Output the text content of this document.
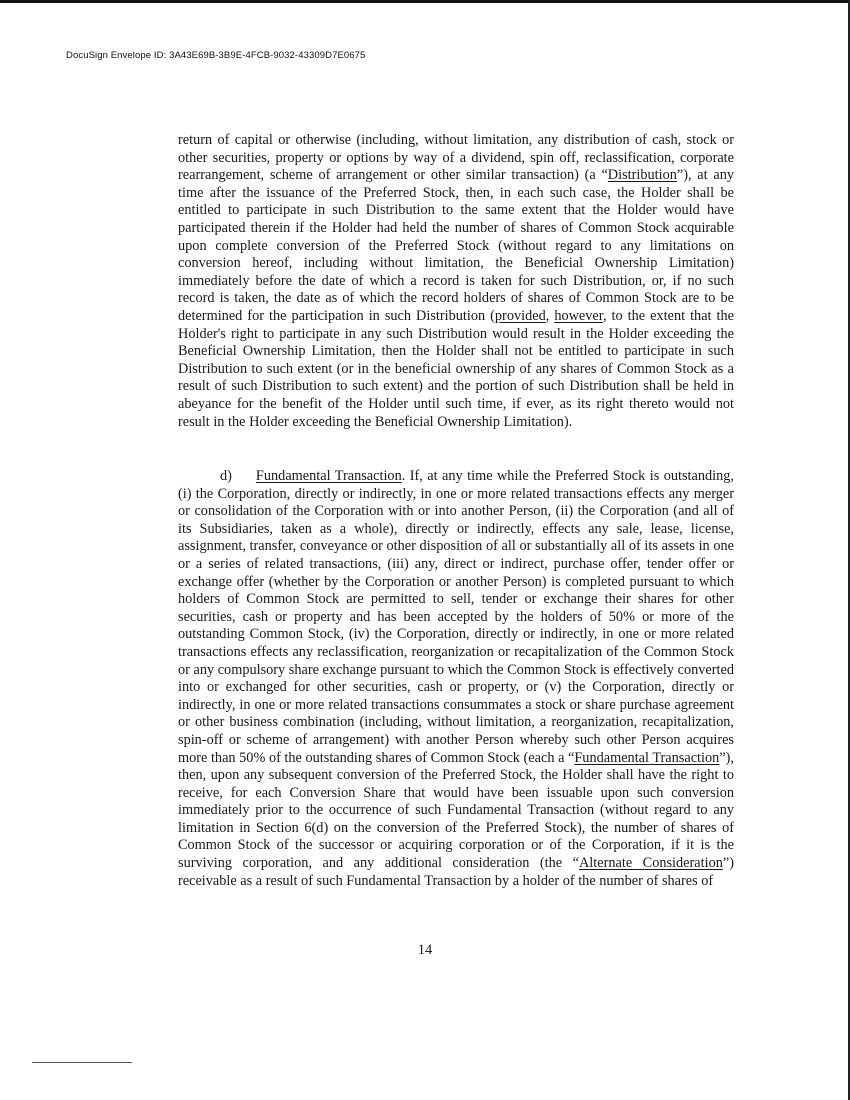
DocuSign Envelope ID: 3A43E69B-3B9E-4FCB-9032-43309D7E0675
return of capital or otherwise (including, without limitation, any distribution of cash, stock or other securities, property or options by way of a dividend, spin off, reclassification, corporate rearrangement, scheme of arrangement or other similar transaction) (a “Distribution”), at any time after the issuance of the Preferred Stock, then, in each such case, the Holder shall be entitled to participate in such Distribution to the same extent that the Holder would have participated therein if the Holder had held the number of shares of Common Stock acquirable upon complete conversion of the Preferred Stock (without regard to any limitations on conversion hereof, including without limitation, the Beneficial Ownership Limitation) immediately before the date of which a record is taken for such Distribution, or, if no such record is taken, the date as of which the record holders of shares of Common Stock are to be determined for the participation in such Distribution (provided, however, to the extent that the Holder's right to participate in any such Distribution would result in the Holder exceeding the Beneficial Ownership Limitation, then the Holder shall not be entitled to participate in such Distribution to such extent (or in the beneficial ownership of any shares of Common Stock as a result of such Distribution to such extent) and the portion of such Distribution shall be held in abeyance for the benefit of the Holder until such time, if ever, as its right thereto would not result in the Holder exceeding the Beneficial Ownership Limitation).
d) Fundamental Transaction. If, at any time while the Preferred Stock is outstanding, (i) the Corporation, directly or indirectly, in one or more related transactions effects any merger or consolidation of the Corporation with or into another Person, (ii) the Corporation (and all of its Subsidiaries, taken as a whole), directly or indirectly, effects any sale, lease, license, assignment, transfer, conveyance or other disposition of all or substantially all of its assets in one or a series of related transactions, (iii) any, direct or indirect, purchase offer, tender offer or exchange offer (whether by the Corporation or another Person) is completed pursuant to which holders of Common Stock are permitted to sell, tender or exchange their shares for other securities, cash or property and has been accepted by the holders of 50% or more of the outstanding Common Stock, (iv) the Corporation, directly or indirectly, in one or more related transactions effects any reclassification, reorganization or recapitalization of the Common Stock or any compulsory share exchange pursuant to which the Common Stock is effectively converted into or exchanged for other securities, cash or property, or (v) the Corporation, directly or indirectly, in one or more related transactions consummates a stock or share purchase agreement or other business combination (including, without limitation, a reorganization, recapitalization, spin-off or scheme of arrangement) with another Person whereby such other Person acquires more than 50% of the outstanding shares of Common Stock (each a “Fundamental Transaction”), then, upon any subsequent conversion of the Preferred Stock, the Holder shall have the right to receive, for each Conversion Share that would have been issuable upon such conversion immediately prior to the occurrence of such Fundamental Transaction (without regard to any limitation in Section 6(d) on the conversion of the Preferred Stock), the number of shares of Common Stock of the successor or acquiring corporation or of the Corporation, if it is the surviving corporation, and any additional consideration (the “Alternate Consideration”) receivable as a result of such Fundamental Transaction by a holder of the number of shares of
14
